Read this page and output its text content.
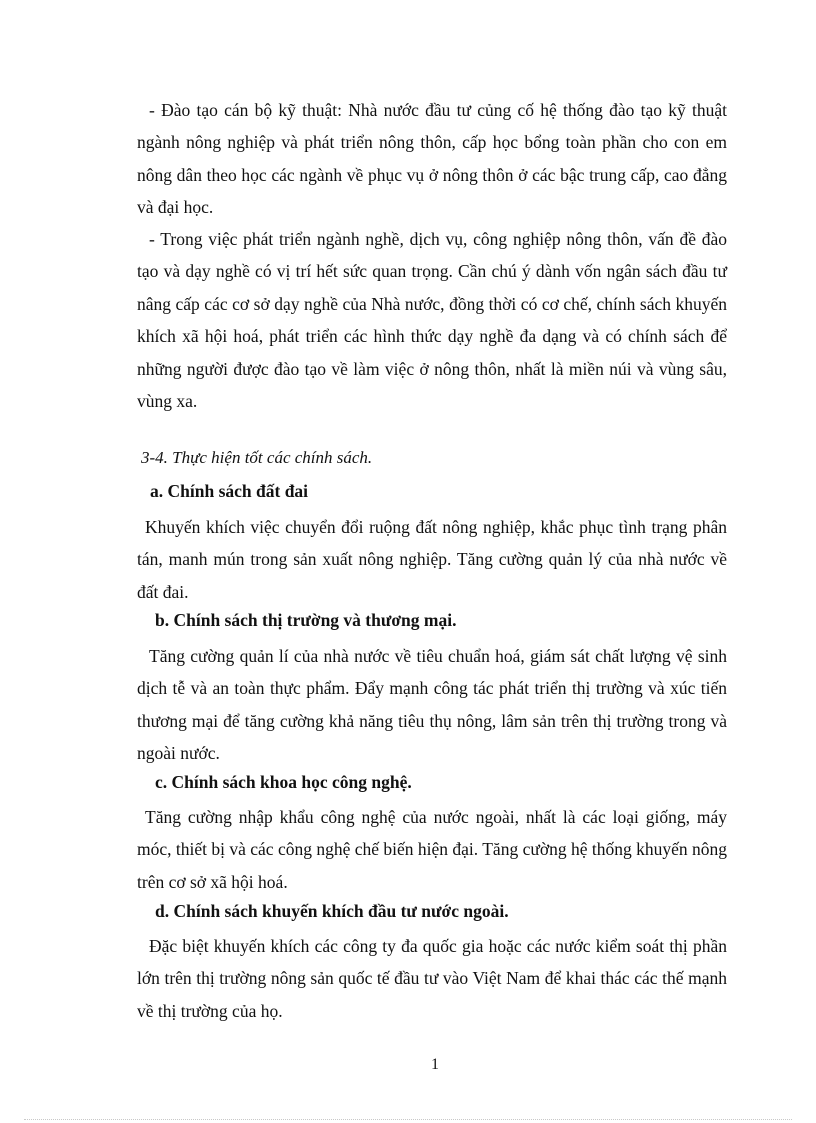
- Đào tạo cán bộ kỹ thuật: Nhà nước đầu tư củng cố hệ thống đào tạo kỹ thuật ngành nông nghiệp và phát triển nông thôn, cấp học bổng toàn phần cho con em nông dân theo học các ngành về phục vụ ở nông thôn ở các bậc trung cấp, cao đẳng và đại học.

- Trong việc phát triển ngành nghề, dịch vụ, công nghiệp nông thôn, vấn đề đào tạo và dạy nghề có vị trí hết sức quan trọng. Cần chú ý dành vốn ngân sách đầu tư nâng cấp các cơ sở dạy nghề của Nhà nước, đồng thời có cơ chế, chính sách khuyến khích xã hội hoá, phát triển các hình thức dạy nghề đa dạng và có chính sách để những người được đào tạo về làm việc ở nông thôn, nhất là miền núi và vùng sâu, vùng xa.

3-4. Thực hiện tốt các chính sách.

a. Chính sách đất đai

Khuyến khích việc chuyển đổi ruộng đất nông nghiệp, khắc phục tình trạng phân tán, manh mún trong sản xuất nông nghiệp. Tăng cường quản lý của nhà nước về đất đai.

b. Chính sách thị trường và thương mại.

Tăng cường quản lí của nhà nước về tiêu chuẩn hoá, giám sát chất lượng vệ sinh dịch tễ và an toàn thực phẩm. Đẩy mạnh công tác phát triển thị trường và xúc tiến thương mại để tăng cường khả năng tiêu thụ nông, lâm sản trên thị trường trong và ngoài nước.

c. Chính sách khoa học công nghệ.

Tăng cường nhập khẩu công nghệ của nước ngoài, nhất là các loại giống, máy móc, thiết bị và các công nghệ chế biến hiện đại. Tăng cường hệ thống khuyến nông trên cơ sở xã hội hoá.

d. Chính sách khuyến khích đầu tư nước ngoài.

Đặc biệt khuyến khích các công ty đa quốc gia hoặc các nước kiểm soát thị phần lớn trên thị trường nông sản quốc tế đầu tư vào Việt Nam để khai thác các thế mạnh về thị trường của họ.

1
